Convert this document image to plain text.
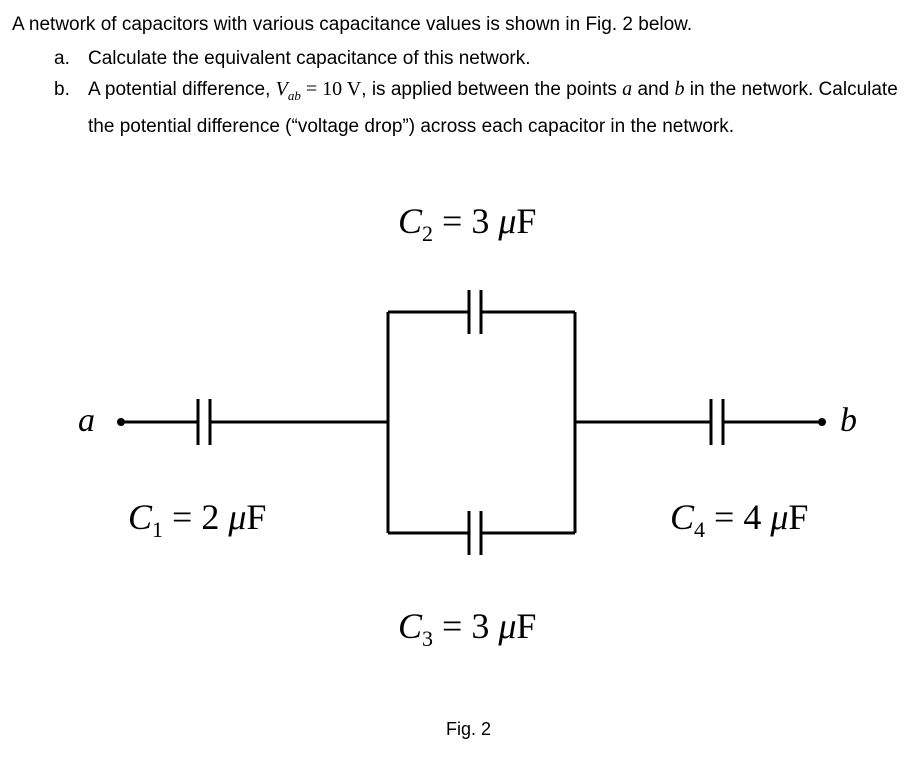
A network of capacitors with various capacitance values is shown in Fig. 2 below.
a. Calculate the equivalent capacitance of this network.
b. A potential difference, $V_{ab} = 10$ V, is applied between the points a and b in the network. Calculate the potential difference (“voltage drop”) across each capacitor in the network.
a	b
$C_2 = 3$ μF
$C_1 = 2$ μF	$C_4 = 4$ μF
$C_3 = 3$ μF
Fig. 2
